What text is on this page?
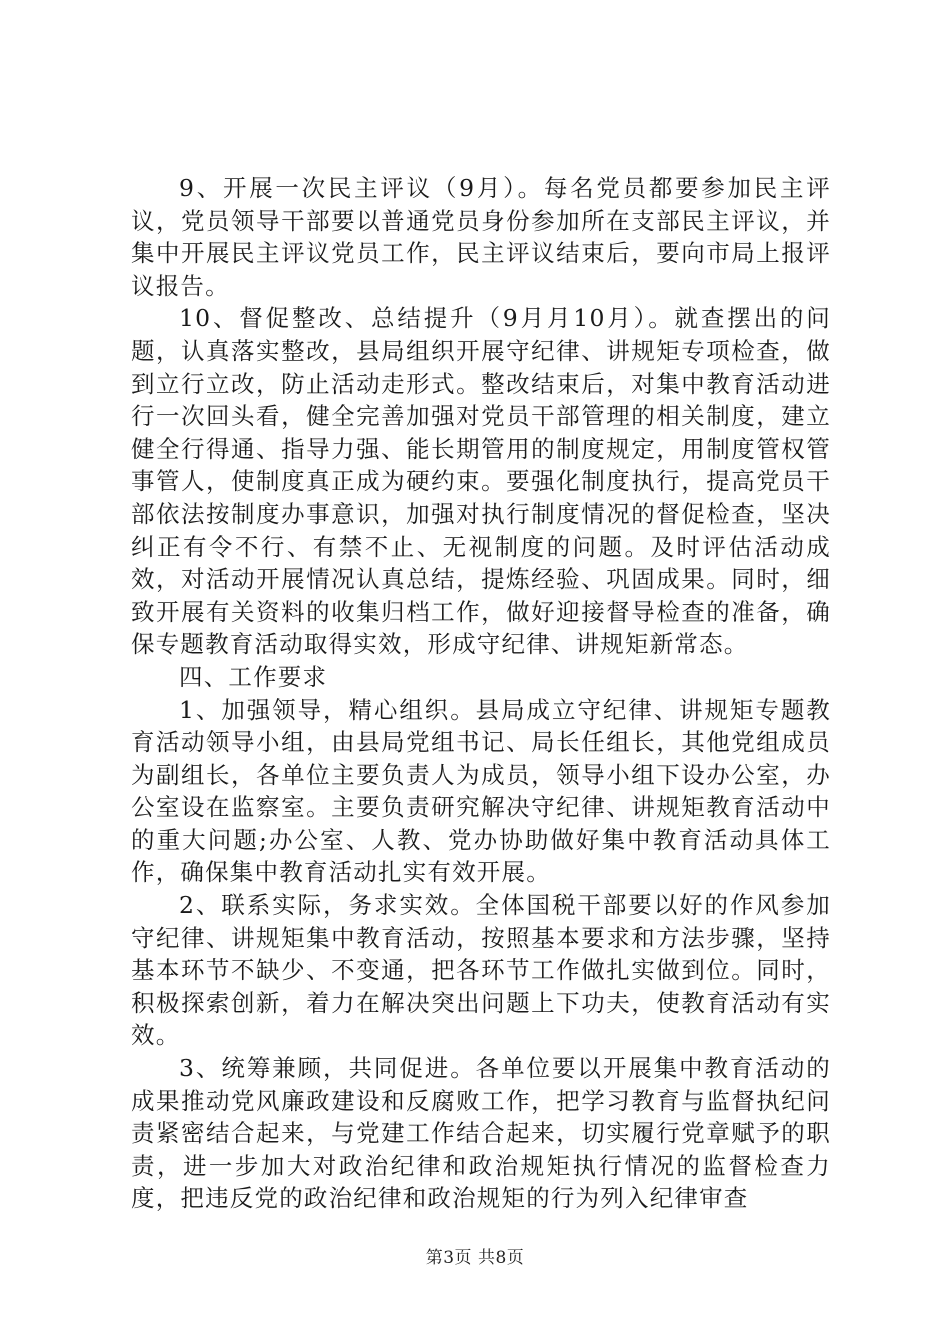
9、开展一次民主评议（9月）。每名党员都要参加民主评议，党员领导干部要以普通党员身份参加所在支部民主评议，并集中开展民主评议党员工作，民主评议结束后，要向市局上报评议报告。

10、督促整改、总结提升（9月月10月）。就查摆出的问题，认真落实整改，县局组织开展守纪律、讲规矩专项检查，做到立行立改，防止活动走形式。整改结束后，对集中教育活动进行一次回头看，健全完善加强对党员干部管理的相关制度，建立健全行得通、指导力强、能长期管用的制度规定，用制度管权管事管人，使制度真正成为硬约束。要强化制度执行，提高党员干部依法按制度办事意识，加强对执行制度情况的督促检查，坚决纠正有令不行、有禁不止、无视制度的问题。及时评估活动成效，对活动开展情况认真总结，提炼经验、巩固成果。同时，细致开展有关资料的收集归档工作，做好迎接督导检查的准备，确保专题教育活动取得实效，形成守纪律、讲规矩新常态。

四、工作要求

1、加强领导，精心组织。县局成立守纪律、讲规矩专题教育活动领导小组，由县局党组书记、局长任组长，其他党组成员为副组长，各单位主要负责人为成员，领导小组下设办公室，办公室设在监察室。主要负责研究解决守纪律、讲规矩教育活动中的重大问题;办公室、人教、党办协助做好集中教育活动具体工作，确保集中教育活动扎实有效开展。

2、联系实际，务求实效。全体国税干部要以好的作风参加守纪律、讲规矩集中教育活动，按照基本要求和方法步骤，坚持基本环节不缺少、不变通，把各环节工作做扎实做到位。同时，积极探索创新，着力在解决突出问题上下功夫，使教育活动有实效。

3、统筹兼顾，共同促进。各单位要以开展集中教育活动的成果推动党风廉政建设和反腐败工作，把学习教育与监督执纪问责紧密结合起来，与党建工作结合起来，切实履行党章赋予的职责，进一步加大对政治纪律和政治规矩执行情况的监督检查力度，把违反党的政治纪律和政治规矩的行为列入纪律审查

第3页 共8页
